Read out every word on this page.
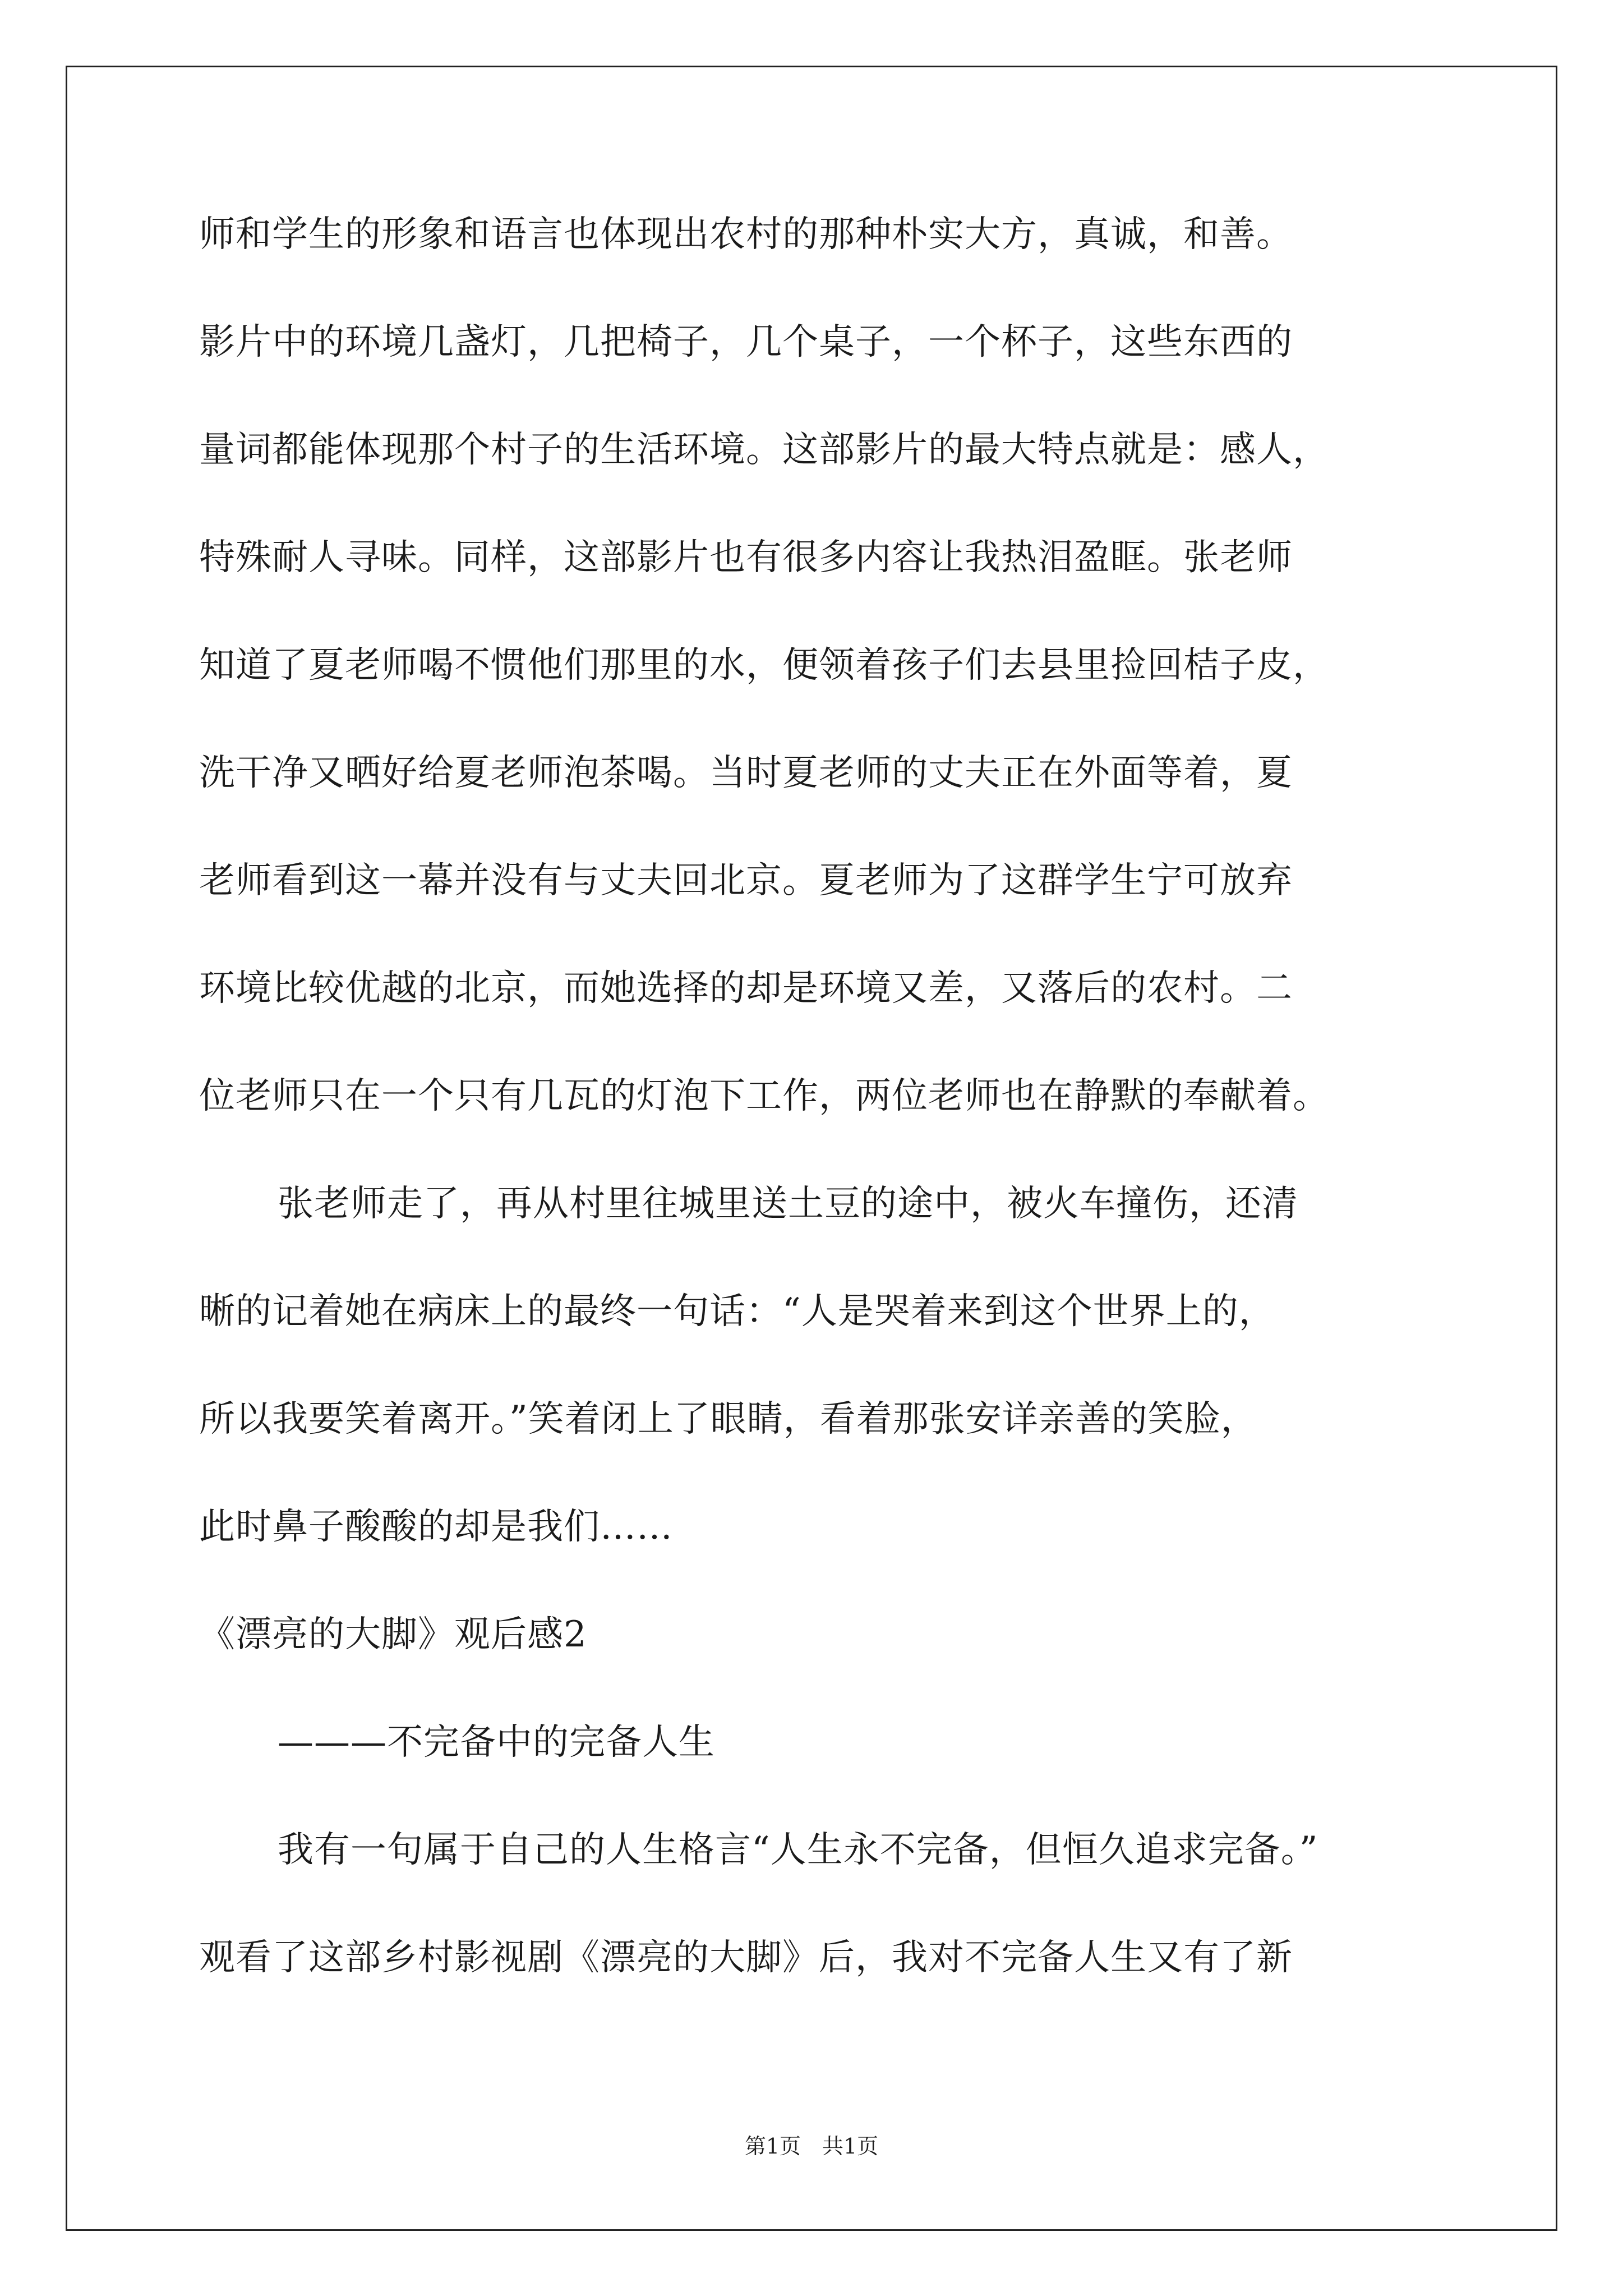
师和学生的形象和语言也体现出农村的那种朴实大方，真诚，和善。
影片中的环境几盏灯，几把椅子，几个桌子，一个杯子，这些东西的
量词都能体现那个村子的生活环境。这部影片的最大特点就是：感人，
特殊耐人寻味。同样，这部影片也有很多内容让我热泪盈眶。张老师
知道了夏老师喝不惯他们那里的水，便领着孩子们去县里捡回桔子皮，
洗干净又晒好给夏老师泡茶喝。当时夏老师的丈夫正在外面等着，夏
老师看到这一幕并没有与丈夫回北京。夏老师为了这群学生宁可放弃
环境比较优越的北京，而她选择的却是环境又差，又落后的农村。二
位老师只在一个只有几瓦的灯泡下工作，两位老师也在静默的奉献着。
张老师走了，再从村里往城里送土豆的途中，被火车撞伤，还清
晰的记着她在病床上的最终一句话：“人是哭着来到这个世界上的，
所以我要笑着离开。”笑着闭上了眼睛，看着那张安详亲善的笑脸，
此时鼻子酸酸的却是我们……
《漂亮的大脚》观后感2
———不完备中的完备人生
我有一句属于自己的人生格言“人生永不完备，但恒久追求完备。”
观看了这部乡村影视剧《漂亮的大脚》后，我对不完备人生又有了新
第1页　共1页
